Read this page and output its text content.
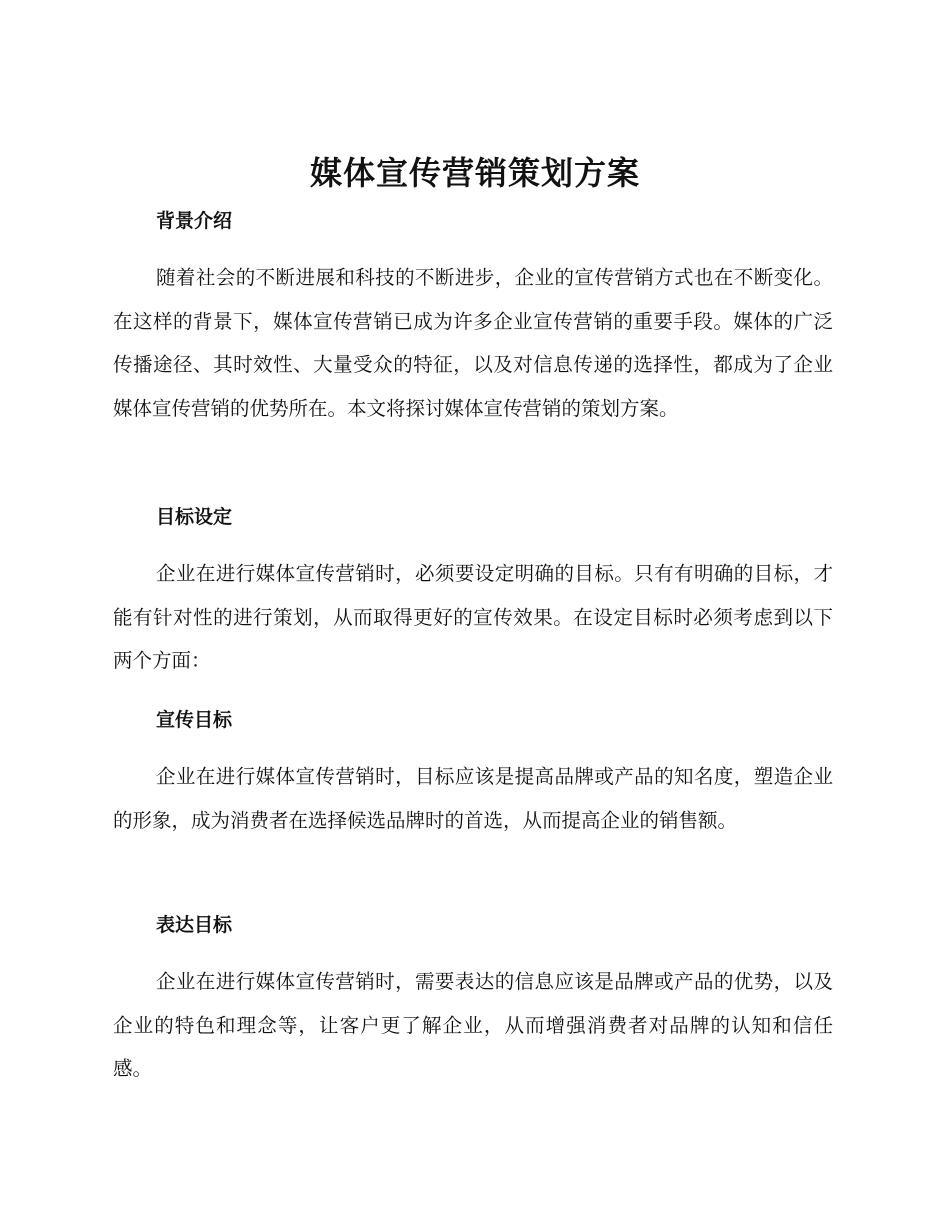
媒体宣传营销策划方案
背景介绍

随着社会的不断进展和科技的不断进步，企业的宣传营销方式也在不断变化。在这样的背景下，媒体宣传营销已成为许多企业宣传营销的重要手段。媒体的广泛传播途径、其时效性、大量受众的特征，以及对信息传递的选择性，都成为了企业媒体宣传营销的优势所在。本文将探讨媒体宣传营销的策划方案。

目标设定

企业在进行媒体宣传营销时，必须要设定明确的目标。只有有明确的目标，才能有针对性的进行策划，从而取得更好的宣传效果。在设定目标时必须考虑到以下两个方面：

宣传目标

企业在进行媒体宣传营销时，目标应该是提高品牌或产品的知名度，塑造企业的形象，成为消费者在选择候选品牌时的首选，从而提高企业的销售额。

表达目标

企业在进行媒体宣传营销时，需要表达的信息应该是品牌或产品的优势，以及企业的特色和理念等，让客户更了解企业，从而增强消费者对品牌的认知和信任感。
